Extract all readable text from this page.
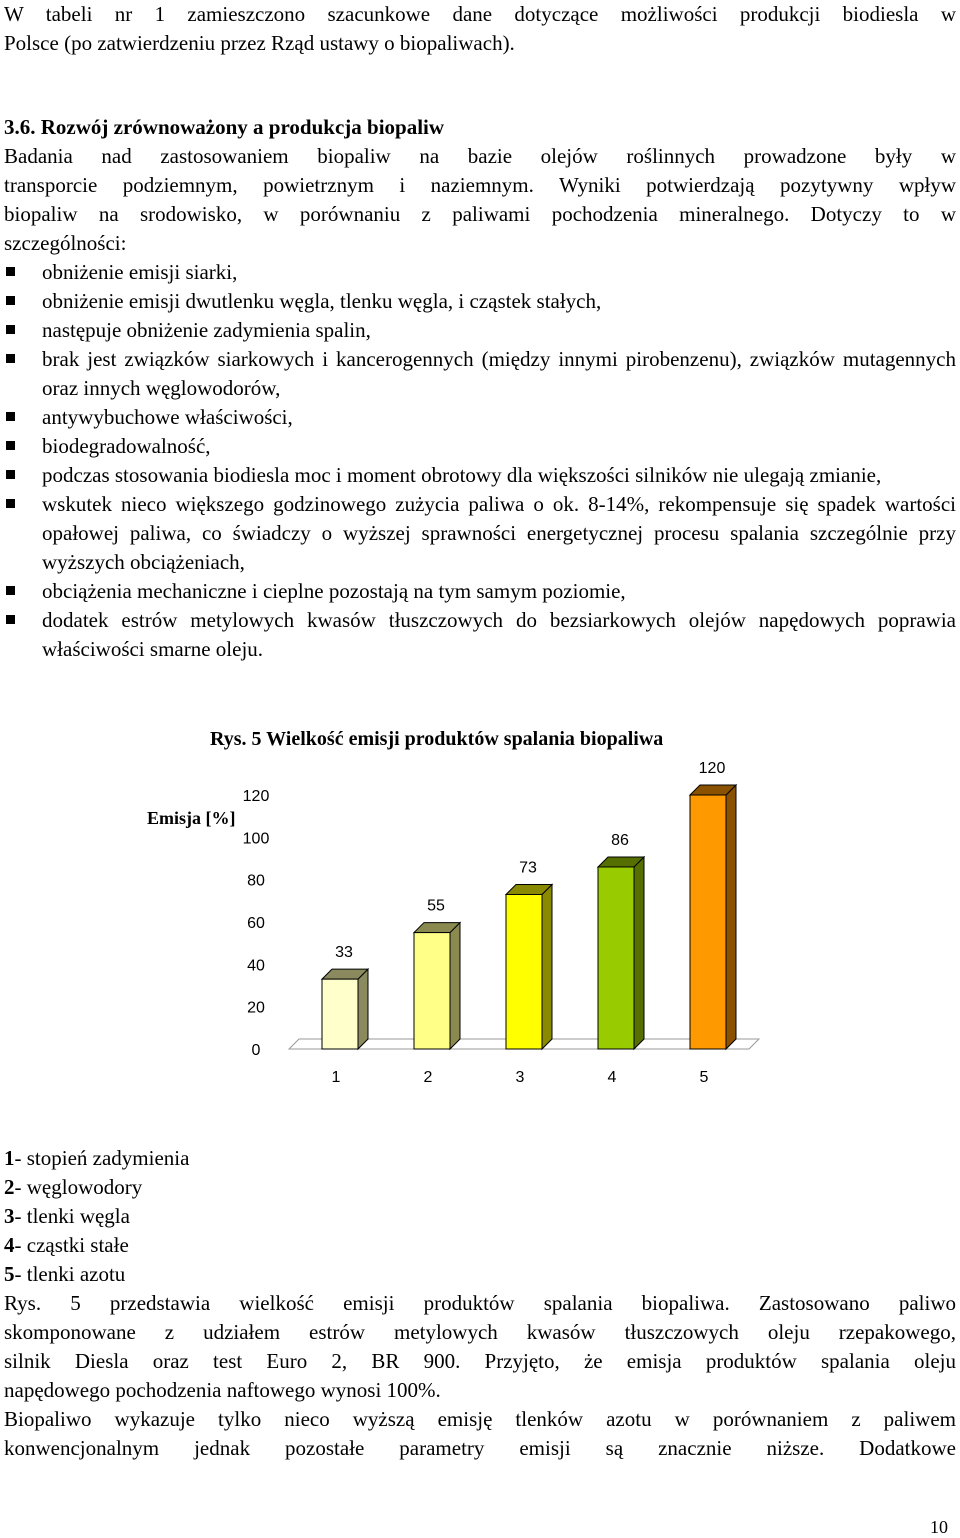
W tabeli nr 1 zamieszczono szacunkowe dane dotyczące możliwości produkcji biodiesla w
Polsce (po zatwierdzeniu przez Rząd ustawy o biopaliwach).
3.6. Rozwój zrównoważony a produkcja biopaliw
Badania nad zastosowaniem biopaliw na bazie olejów roślinnych prowadzone były w
transporcie podziemnym, powietrznym i naziemnym. Wyniki potwierdzają pozytywny wpływ
biopaliw na srodowisko, w porównaniu z paliwami pochodzenia mineralnego. Dotyczy to w
szczególności:
obniżenie emisji siarki,
obniżenie emisji dwutlenku węgla, tlenku węgla, i cząstek stałych,
następuje obniżenie zadymienia spalin,
brak jest związków siarkowych i kancerogennych (między innymi pirobenzenu), związków mutagennych oraz innych węglowodorów,
antywybuchowe właściwości,
biodegradowalność,
podczas stosowania biodiesla moc i moment obrotowy dla większości silników nie ulegają zmianie,
wskutek nieco większego godzinowego zużycia paliwa o ok. 8-14%, rekompensuje się spadek wartości opałowej paliwa, co świadczy o wyższej sprawności energetycznej procesu spalania szczególnie przy wyższych obciążeniach,
obciążenia mechaniczne i cieplne pozostają na tym samym poziomie,
dodatek estrów metylowych kwasów tłuszczowych do bezsiarkowych olejów napędowych poprawia właściwości smarne oleju.
Rys. 5 Wielkość emisji produktów spalania biopaliwa
Emisja [%]
0
20
40
60
80
100
120
33
1
55
2
73
3
86
4
120
5
1- stopień zadymienia
2- węglowodory
3- tlenki węgla
4- cząstki stałe
5- tlenki azotu
Rys. 5 przedstawia wielkość emisji produktów spalania biopaliwa. Zastosowano paliwo
skomponowane z udziałem estrów metylowych kwasów tłuszczowych oleju rzepakowego,
silnik Diesla oraz test Euro 2, BR 900. Przyjęto, że emisja produktów spalania oleju
napędowego pochodzenia naftowego wynosi 100%.
Biopaliwo wykazuje tylko nieco wyższą emisję tlenków azotu w porównaniem z paliwem
konwencjonalnym jednak pozostałe parametry emisji są znacznie niższe. Dodatkowe
10
